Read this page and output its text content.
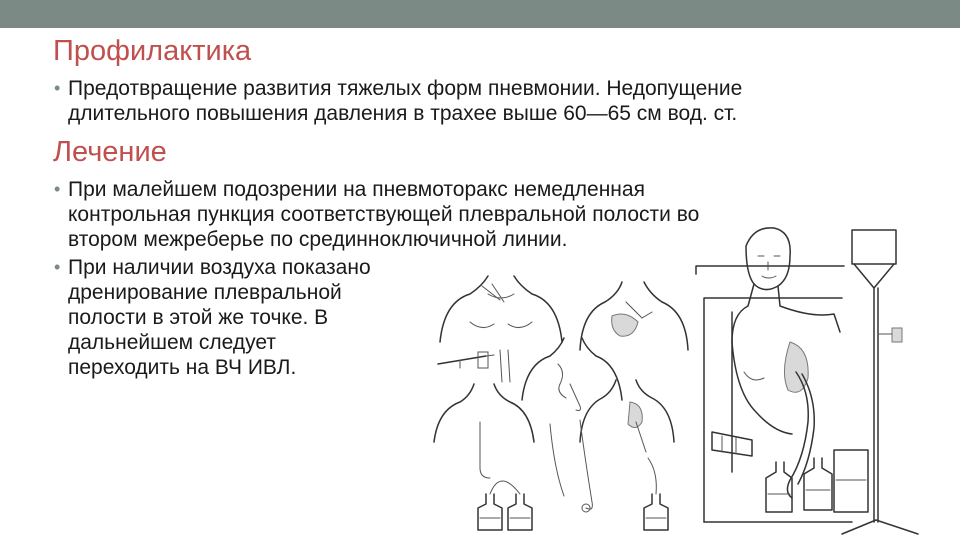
Профилактика
• Предотвращение развития тяжелых форм пневмонии. Недопущение
длительного повышения давления в трахее выше 60—65 см вод. ст.
Лечение
• При малейшем подозрении на пневмоторакс немедленная
контрольная пункция соответствующей плевральной полости во
втором межреберье по срединноключичной линии.
• При наличии воздуха показано
дренирование плевральной
полости в этой же точке. В
дальнейшем следует
переходить на ВЧ ИВЛ.
